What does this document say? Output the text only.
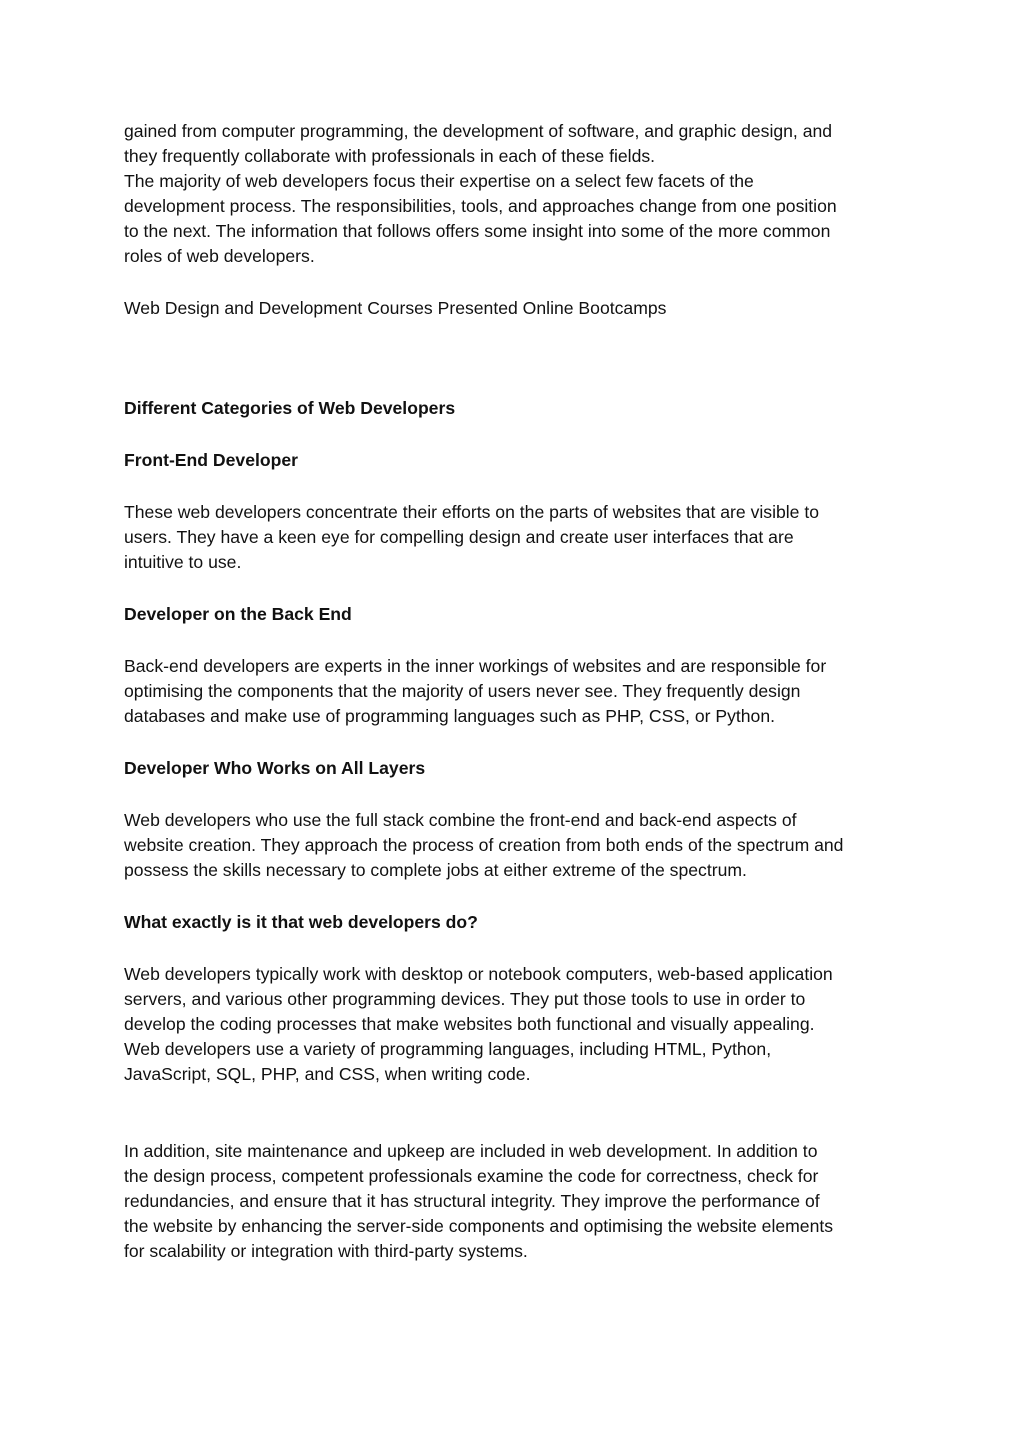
gained from computer programming, the development of software, and graphic design, and
they frequently collaborate with professionals in each of these fields.
The majority of web developers focus their expertise on a select few facets of the
development process. The responsibilities, tools, and approaches change from one position
to the next. The information that follows offers some insight into some of the more common
roles of web developers.

Web Design and Development Courses Presented Online Bootcamps

Different Categories of Web Developers

Front-End Developer

These web developers concentrate their efforts on the parts of websites that are visible to
users. They have a keen eye for compelling design and create user interfaces that are
intuitive to use.

Developer on the Back End

Back-end developers are experts in the inner workings of websites and are responsible for
optimising the components that the majority of users never see. They frequently design
databases and make use of programming languages such as PHP, CSS, or Python.

Developer Who Works on All Layers

Web developers who use the full stack combine the front-end and back-end aspects of
website creation. They approach the process of creation from both ends of the spectrum and
possess the skills necessary to complete jobs at either extreme of the spectrum.

What exactly is it that web developers do?

Web developers typically work with desktop or notebook computers, web-based application
servers, and various other programming devices. They put those tools to use in order to
develop the coding processes that make websites both functional and visually appealing.
Web developers use a variety of programming languages, including HTML, Python,
JavaScript, SQL, PHP, and CSS, when writing code.

In addition, site maintenance and upkeep are included in web development. In addition to
the design process, competent professionals examine the code for correctness, check for
redundancies, and ensure that it has structural integrity. They improve the performance of
the website by enhancing the server-side components and optimising the website elements
for scalability or integration with third-party systems.
